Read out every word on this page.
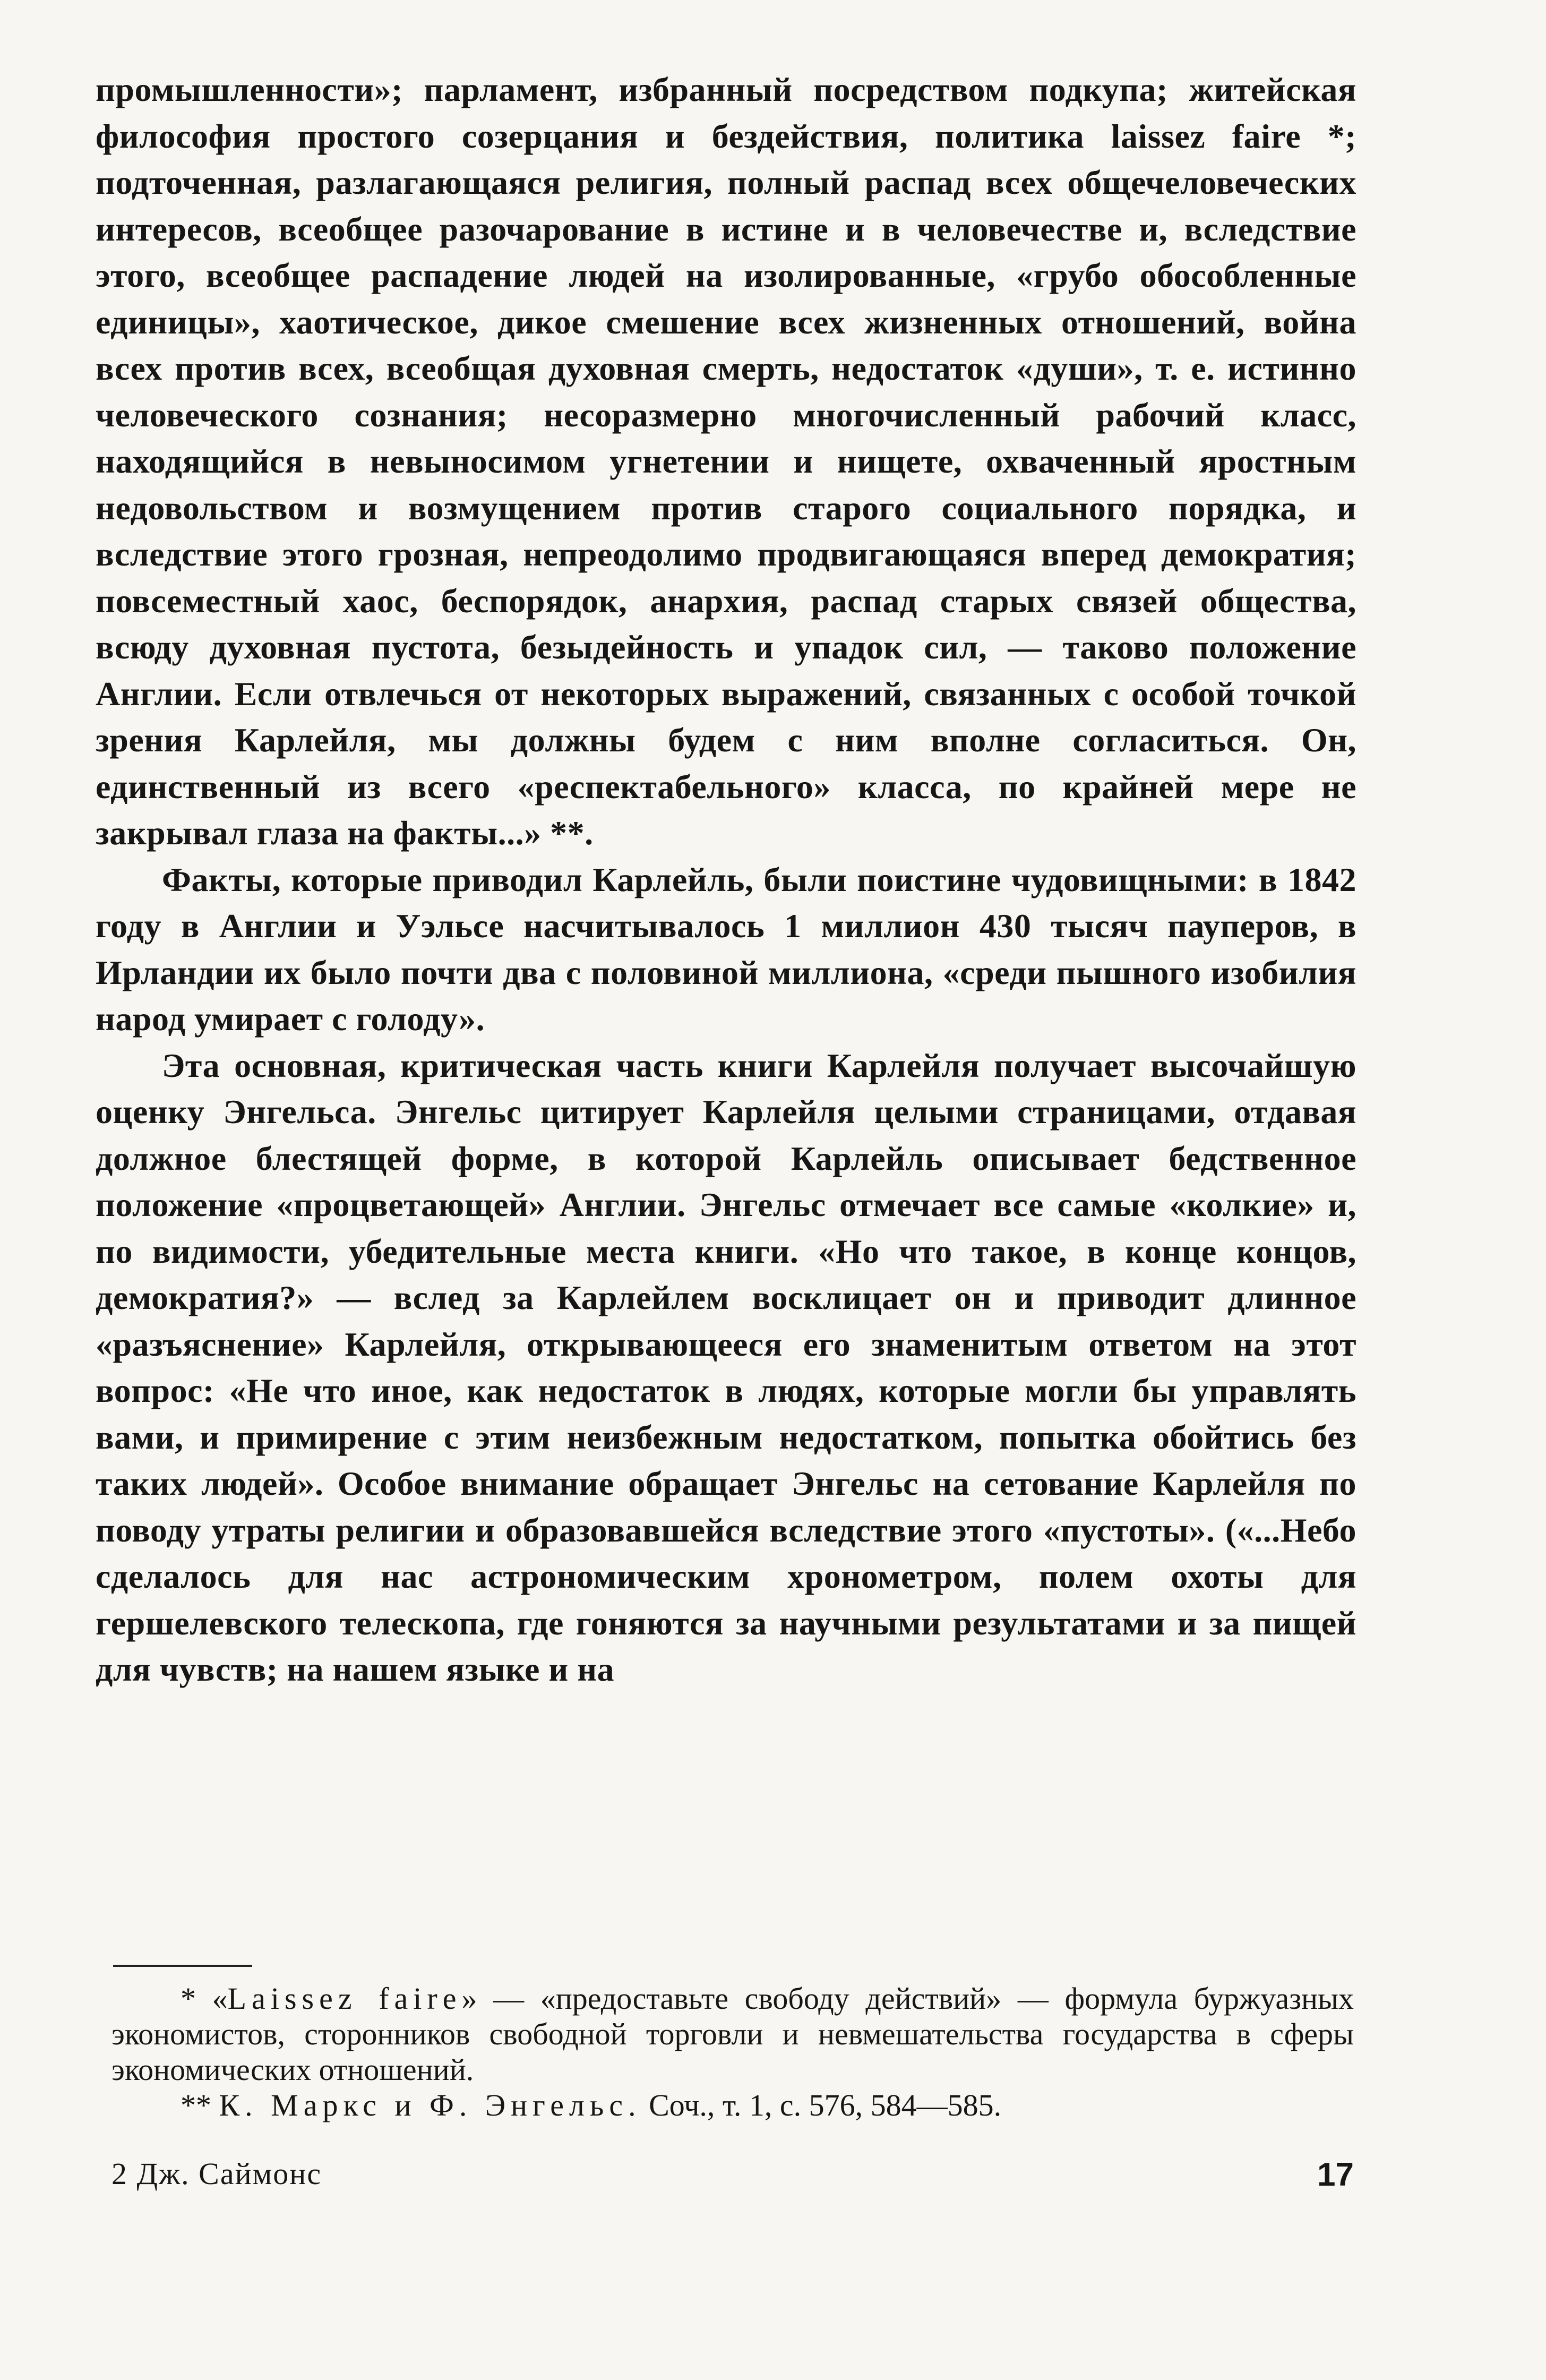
промышленности»; парламент, избранный посредством подкупа; житейская философия простого созерцания и бездействия, политика laissez faire *; подточенная, разлагающаяся религия, полный распад всех общечеловеческих интересов, всеобщее разочарование в истине и в человечестве и, вследствие этого, всеобщее распадение людей на изолированные, «грубо обособленные единицы», хаотическое, дикое смешение всех жизненных отношений, война всех против всех, всеобщая духовная смерть, недостаток «души», т. е. истинно человеческого сознания; несоразмерно многочисленный рабочий класс, находящийся в невыносимом угнетении и нищете, охваченный яростным недовольством и возмущением против старого социального порядка, и вследствие этого грозная, непреодолимо продвигающаяся вперед демократия; повсеместный хаос, беспорядок, анархия, распад старых связей общества, всюду духовная пустота, безыдейность и упадок сил, — таково положение Англии. Если отвлечься от некоторых выражений, связанных с особой точкой зрения Карлейля, мы должны будем с ним вполне согласиться. Он, единственный из всего «респектабельного» класса, по крайней мере не закрывал глаза на факты...» **.

Факты, которые приводил Карлейль, были поистине чудовищными: в 1842 году в Англии и Уэльсе насчитывалось 1 миллион 430 тысяч пауперов, в Ирландии их было почти два с половиной миллиона, «среди пышного изобилия народ умирает с голоду».

Эта основная, критическая часть книги Карлейля получает высочайшую оценку Энгельса. Энгельс цитирует Карлейля целыми страницами, отдавая должное блестящей форме, в которой Карлейль описывает бедственное положение «процветающей» Англии. Энгельс отмечает все самые «колкие» и, по видимости, убедительные места книги. «Но что такое, в конце концов, демократия?» — вслед за Карлейлем восклицает он и приводит длинное «разъяснение» Карлейля, открывающееся его знаменитым ответом на этот вопрос: «Не что иное, как недостаток в людях, которые могли бы управлять вами, и примирение с этим неизбежным недостатком, попытка обойтись без таких людей». Особое внимание обращает Энгельс на сетование Карлейля по поводу утраты религии и образовавшейся вследствие этого «пустоты». («...Небо сделалось для нас астрономическим хронометром, полем охоты для гершелевского телескопа, где гоняются за научными результатами и за пищей для чувств; на нашем языке и на

* «Laissez faire» — «предоставьте свободу действий» — формула буржуазных экономистов, сторонников свободной торговли и невмешательства государства в сферы экономических отношений.

** К. Маркс и Ф. Энгельс. Соч., т. 1, с. 576, 584—585.

2 Дж. Саймонс	17
